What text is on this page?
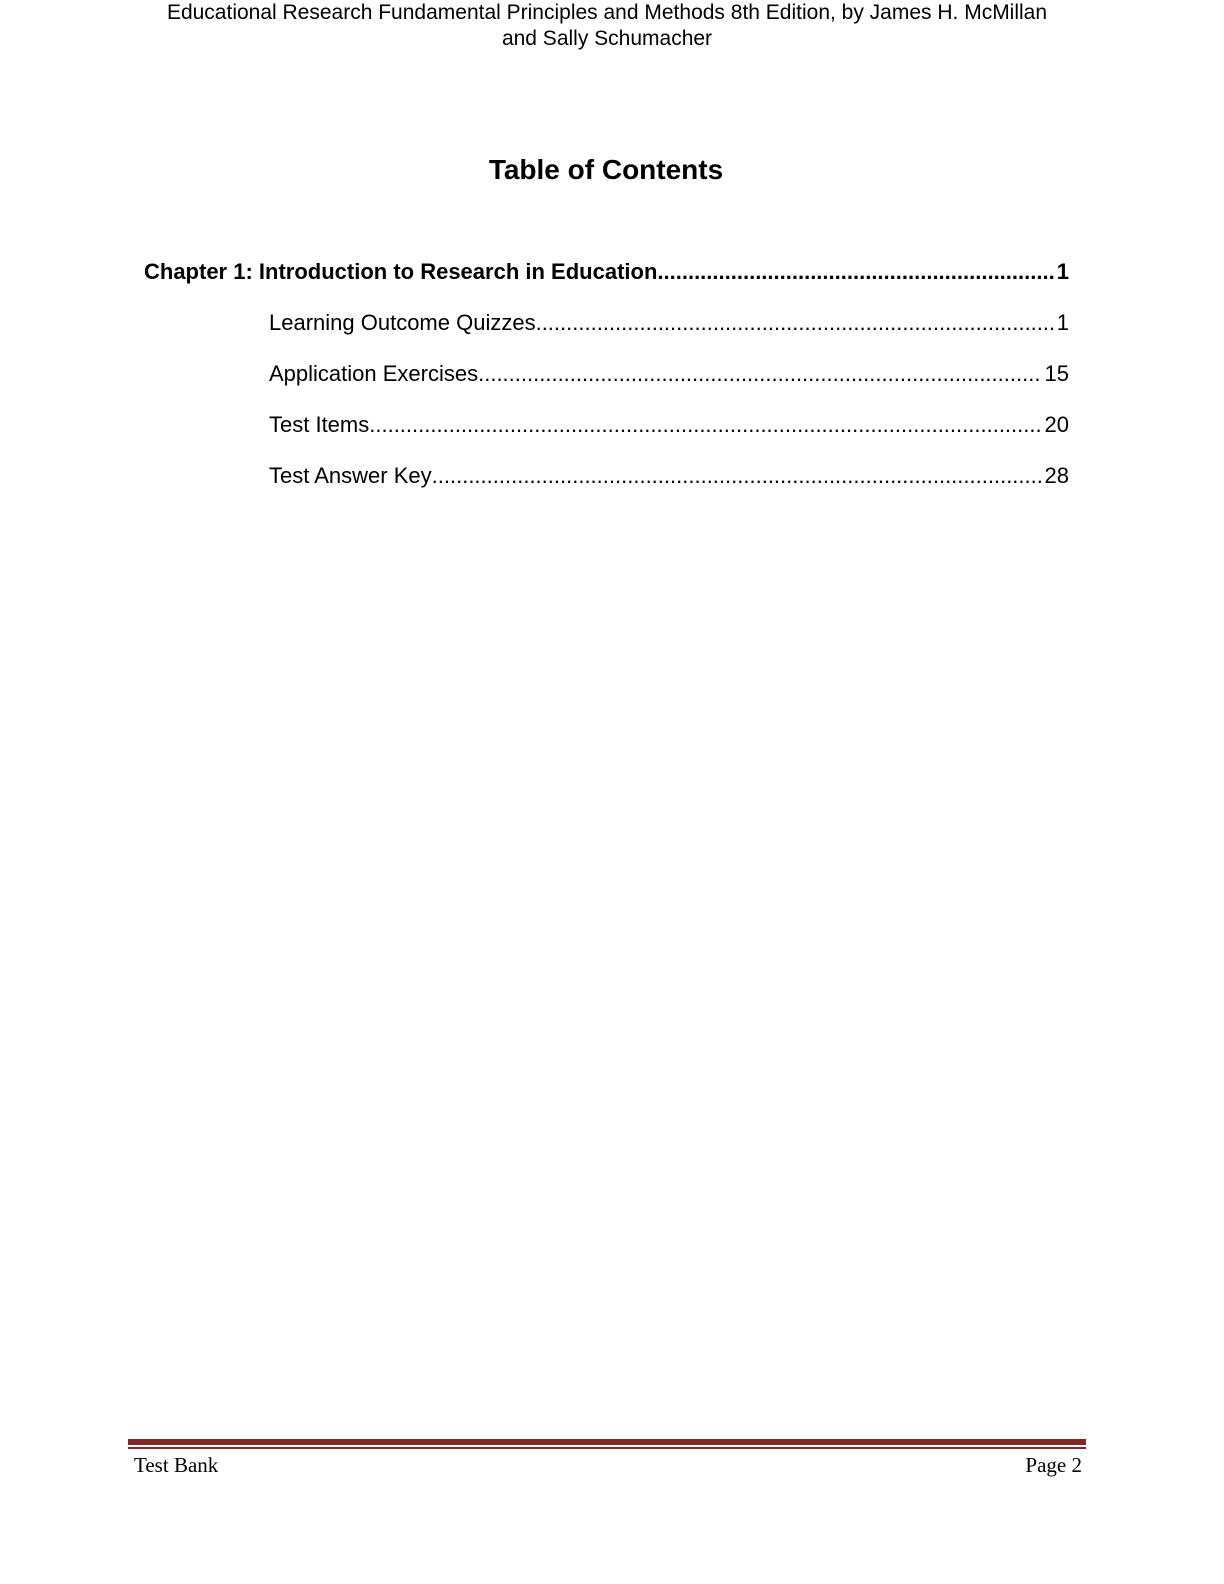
Educational Research Fundamental Principles and Methods 8th Edition, by James H. McMillan
and Sally Schumacher
Table of Contents
Chapter 1: Introduction to Research in Education .....	1
Learning Outcome Quizzes .....	1
Application Exercises .....	15
Test Items .....	20
Test Answer Key .....	28
Test Bank	Page 2
